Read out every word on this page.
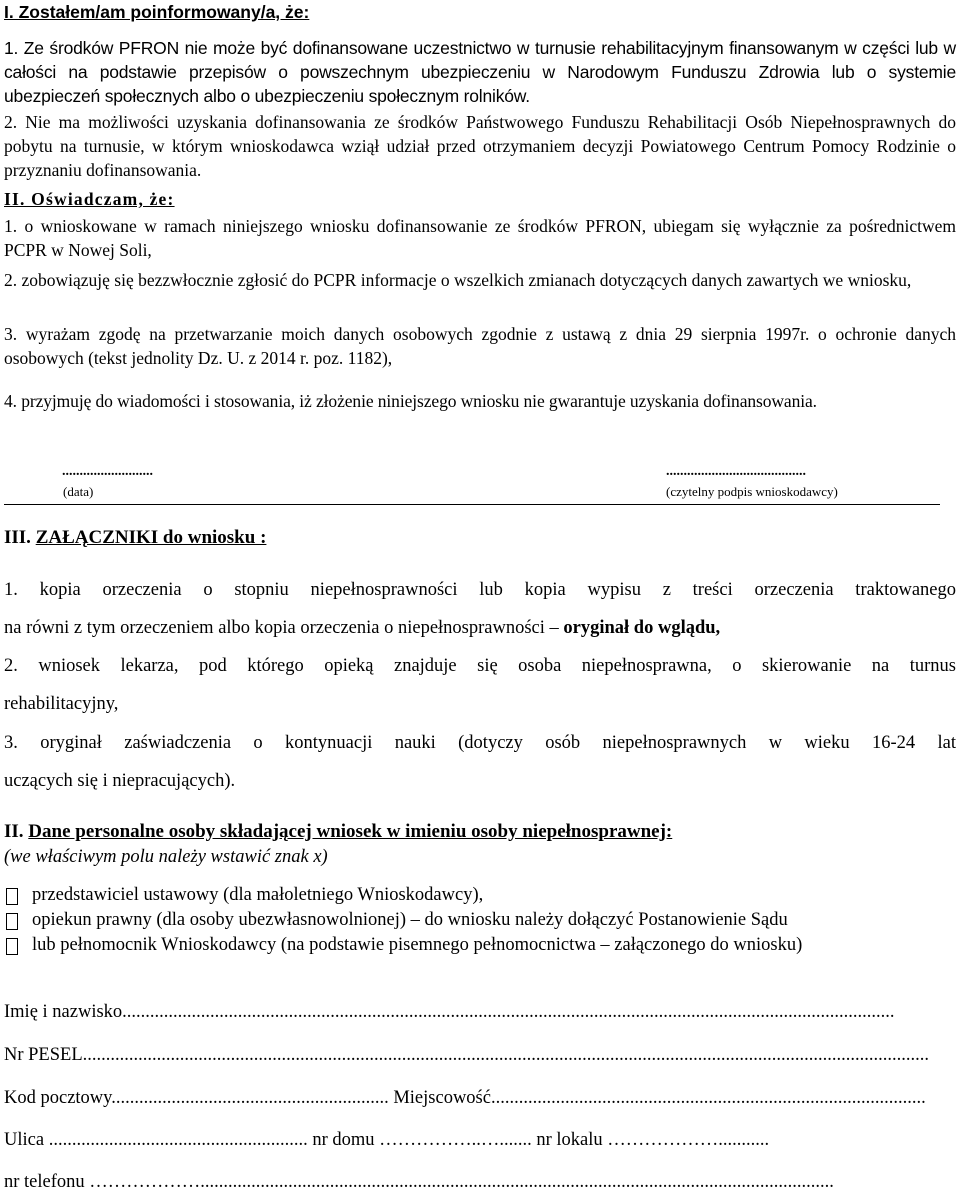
I. Zostałem/am poinformowany/a, że:
1. Ze środków PFRON nie może być dofinansowane uczestnictwo w turnusie rehabilitacyjnym finansowanym w części lub w całości na podstawie przepisów o powszechnym ubezpieczeniu w Narodowym Funduszu Zdrowia lub o systemie ubezpieczeń społecznych albo o ubezpieczeniu społecznym rolników.
2. Nie ma możliwości uzyskania dofinansowania ze środków Państwowego Funduszu Rehabilitacji Osób Niepełnosprawnych do pobytu na turnusie, w którym wnioskodawca wziął udział przed otrzymaniem decyzji Powiatowego Centrum Pomocy Rodzinie o przyznaniu dofinansowania.
II. Oświadczam, że:
1. o wnioskowane w ramach niniejszego wniosku dofinansowanie ze środków PFRON, ubiegam się wyłącznie za pośrednictwem PCPR w Nowej Soli,
2. zobowiązuję się bezzwłocznie zgłosić do PCPR informacje o wszelkich zmianach dotyczących danych zawartych we wniosku,
3. wyrażam zgodę na przetwarzanie moich danych osobowych zgodnie z ustawą z dnia 29 sierpnia 1997r. o ochronie danych osobowych (tekst jednolity Dz. U. z 2014 r. poz. 1182),
4. przyjmuję do wiadomości i stosowania, iż złożenie niniejszego wniosku nie gwarantuje uzyskania dofinansowania.
..........................
(data)
........................................
(czytelny podpis wnioskodawcy)
III. ZAŁĄCZNIKI do wniosku :
1. kopia orzeczenia o stopniu niepełnosprawności lub kopia wypisu z treści orzeczenia traktowanego
na równi z tym orzeczeniem albo kopia orzeczenia o niepełnosprawności – oryginał do wglądu,
2. wniosek lekarza, pod którego opieką znajduje się osoba niepełnosprawna, o skierowanie na turnus
rehabilitacyjny,
3. oryginał zaświadczenia o kontynuacji nauki (dotyczy osób niepełnosprawnych w wieku 16-24 lat
uczących się i niepracujących).
II. Dane personalne osoby składającej wniosek w imieniu osoby niepełnosprawnej:
(we właściwym polu należy wstawić znak x)
przedstawiciel ustawowy (dla małoletniego Wnioskodawcy),
opiekun prawny (dla osoby ubezwłasnowolnionej) – do wniosku należy dołączyć Postanowienie Sądu
lub pełnomocnik Wnioskodawcy (na podstawie pisemnego pełnomocnictwa – załączonego do wniosku)
Imię i nazwisko.......................................................................................................................................................................
Nr PESEL.......................................................................................................................................................................................
Kod pocztowy............................................................ Miejscowość..............................................................................................
Ulica ........................................................ nr domu ……………..…....... nr lokalu ………………...........
nr telefonu ……………….........................................................................................................................................
